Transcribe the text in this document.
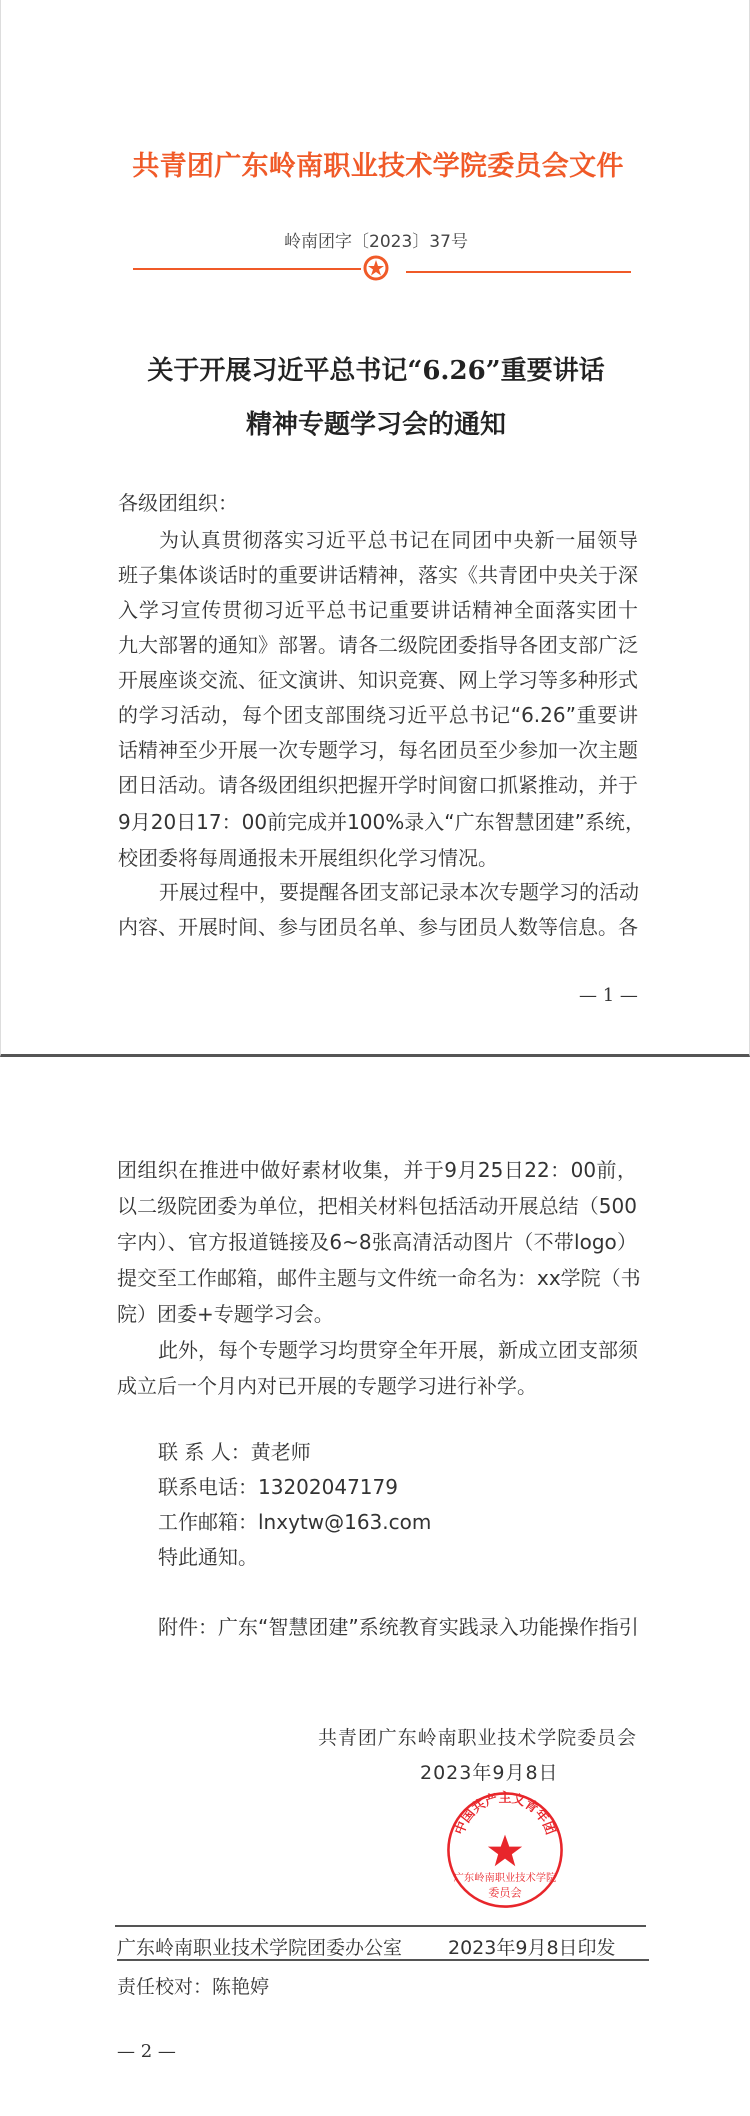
共青团广东岭南职业技术学院委员会文件
岭南团字〔2023〕37号
关于开展习近平总书记“6.26”重要讲话
精神专题学习会的通知
各级团组织：
为认真贯彻落实习近平总书记在同团中央新一届领导
班子集体谈话时的重要讲话精神，落实《共青团中央关于深
入学习宣传贯彻习近平总书记重要讲话精神全面落实团十
九大部署的通知》部署。请各二级院团委指导各团支部广泛
开展座谈交流、征文演讲、知识竞赛、网上学习等多种形式
的学习活动，每个团支部围绕习近平总书记“6.26”重要讲
话精神至少开展一次专题学习，每名团员至少参加一次主题
团日活动。请各级团组织把握开学时间窗口抓紧推动，并于
9月20日17：00前完成并100%录入“广东智慧团建”系统，
校团委将每周通报未开展组织化学习情况。
开展过程中，要提醒各团支部记录本次专题学习的活动
内容、开展时间、参与团员名单、参与团员人数等信息。各
— 1 —
团组织在推进中做好素材收集，并于9月25日22：00前，
以二级院团委为单位，把相关材料包括活动开展总结（500
字内）、官方报道链接及6~8张高清活动图片（不带logo）
提交至工作邮箱，邮件主题与文件统一命名为：xx学院（书
院）团委+专题学习会。
此外，每个专题学习均贯穿全年开展，新成立团支部须
成立后一个月内对已开展的专题学习进行补学。
联 系 人：黄老师
联系电话：13202047179
工作邮箱：lnxytw@163.com
特此通知。
附件：广东“智慧团建”系统教育实践录入功能操作指引
共青团广东岭南职业技术学院委员会
2023年9月8日
中国共产主义青年团
广东岭南职业技术学院
委员会
广东岭南职业技术学院团委办公室 2023年9月8日印发
责任校对：陈艳婷
— 2 —
